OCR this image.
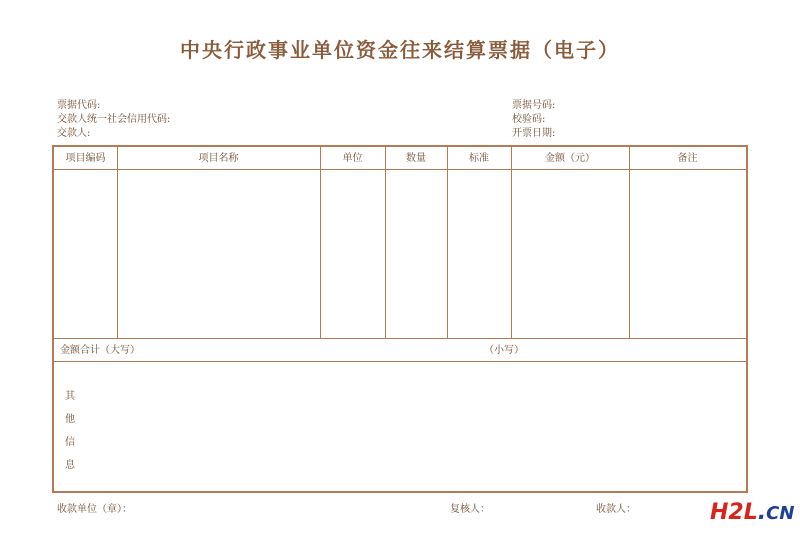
中央行政事业单位资金往来结算票据（电子）
票据代码:
交款人统一社会信用代码:
交款人:
票据号码:
校验码:
开票日期:
项目编码	项目名称	单位	数量	标准	金额（元）	备注
金额合计（大写）	（小写）
其
他
信
息
收款单位（章）：	复核人：	收款人：	H2L.CN
